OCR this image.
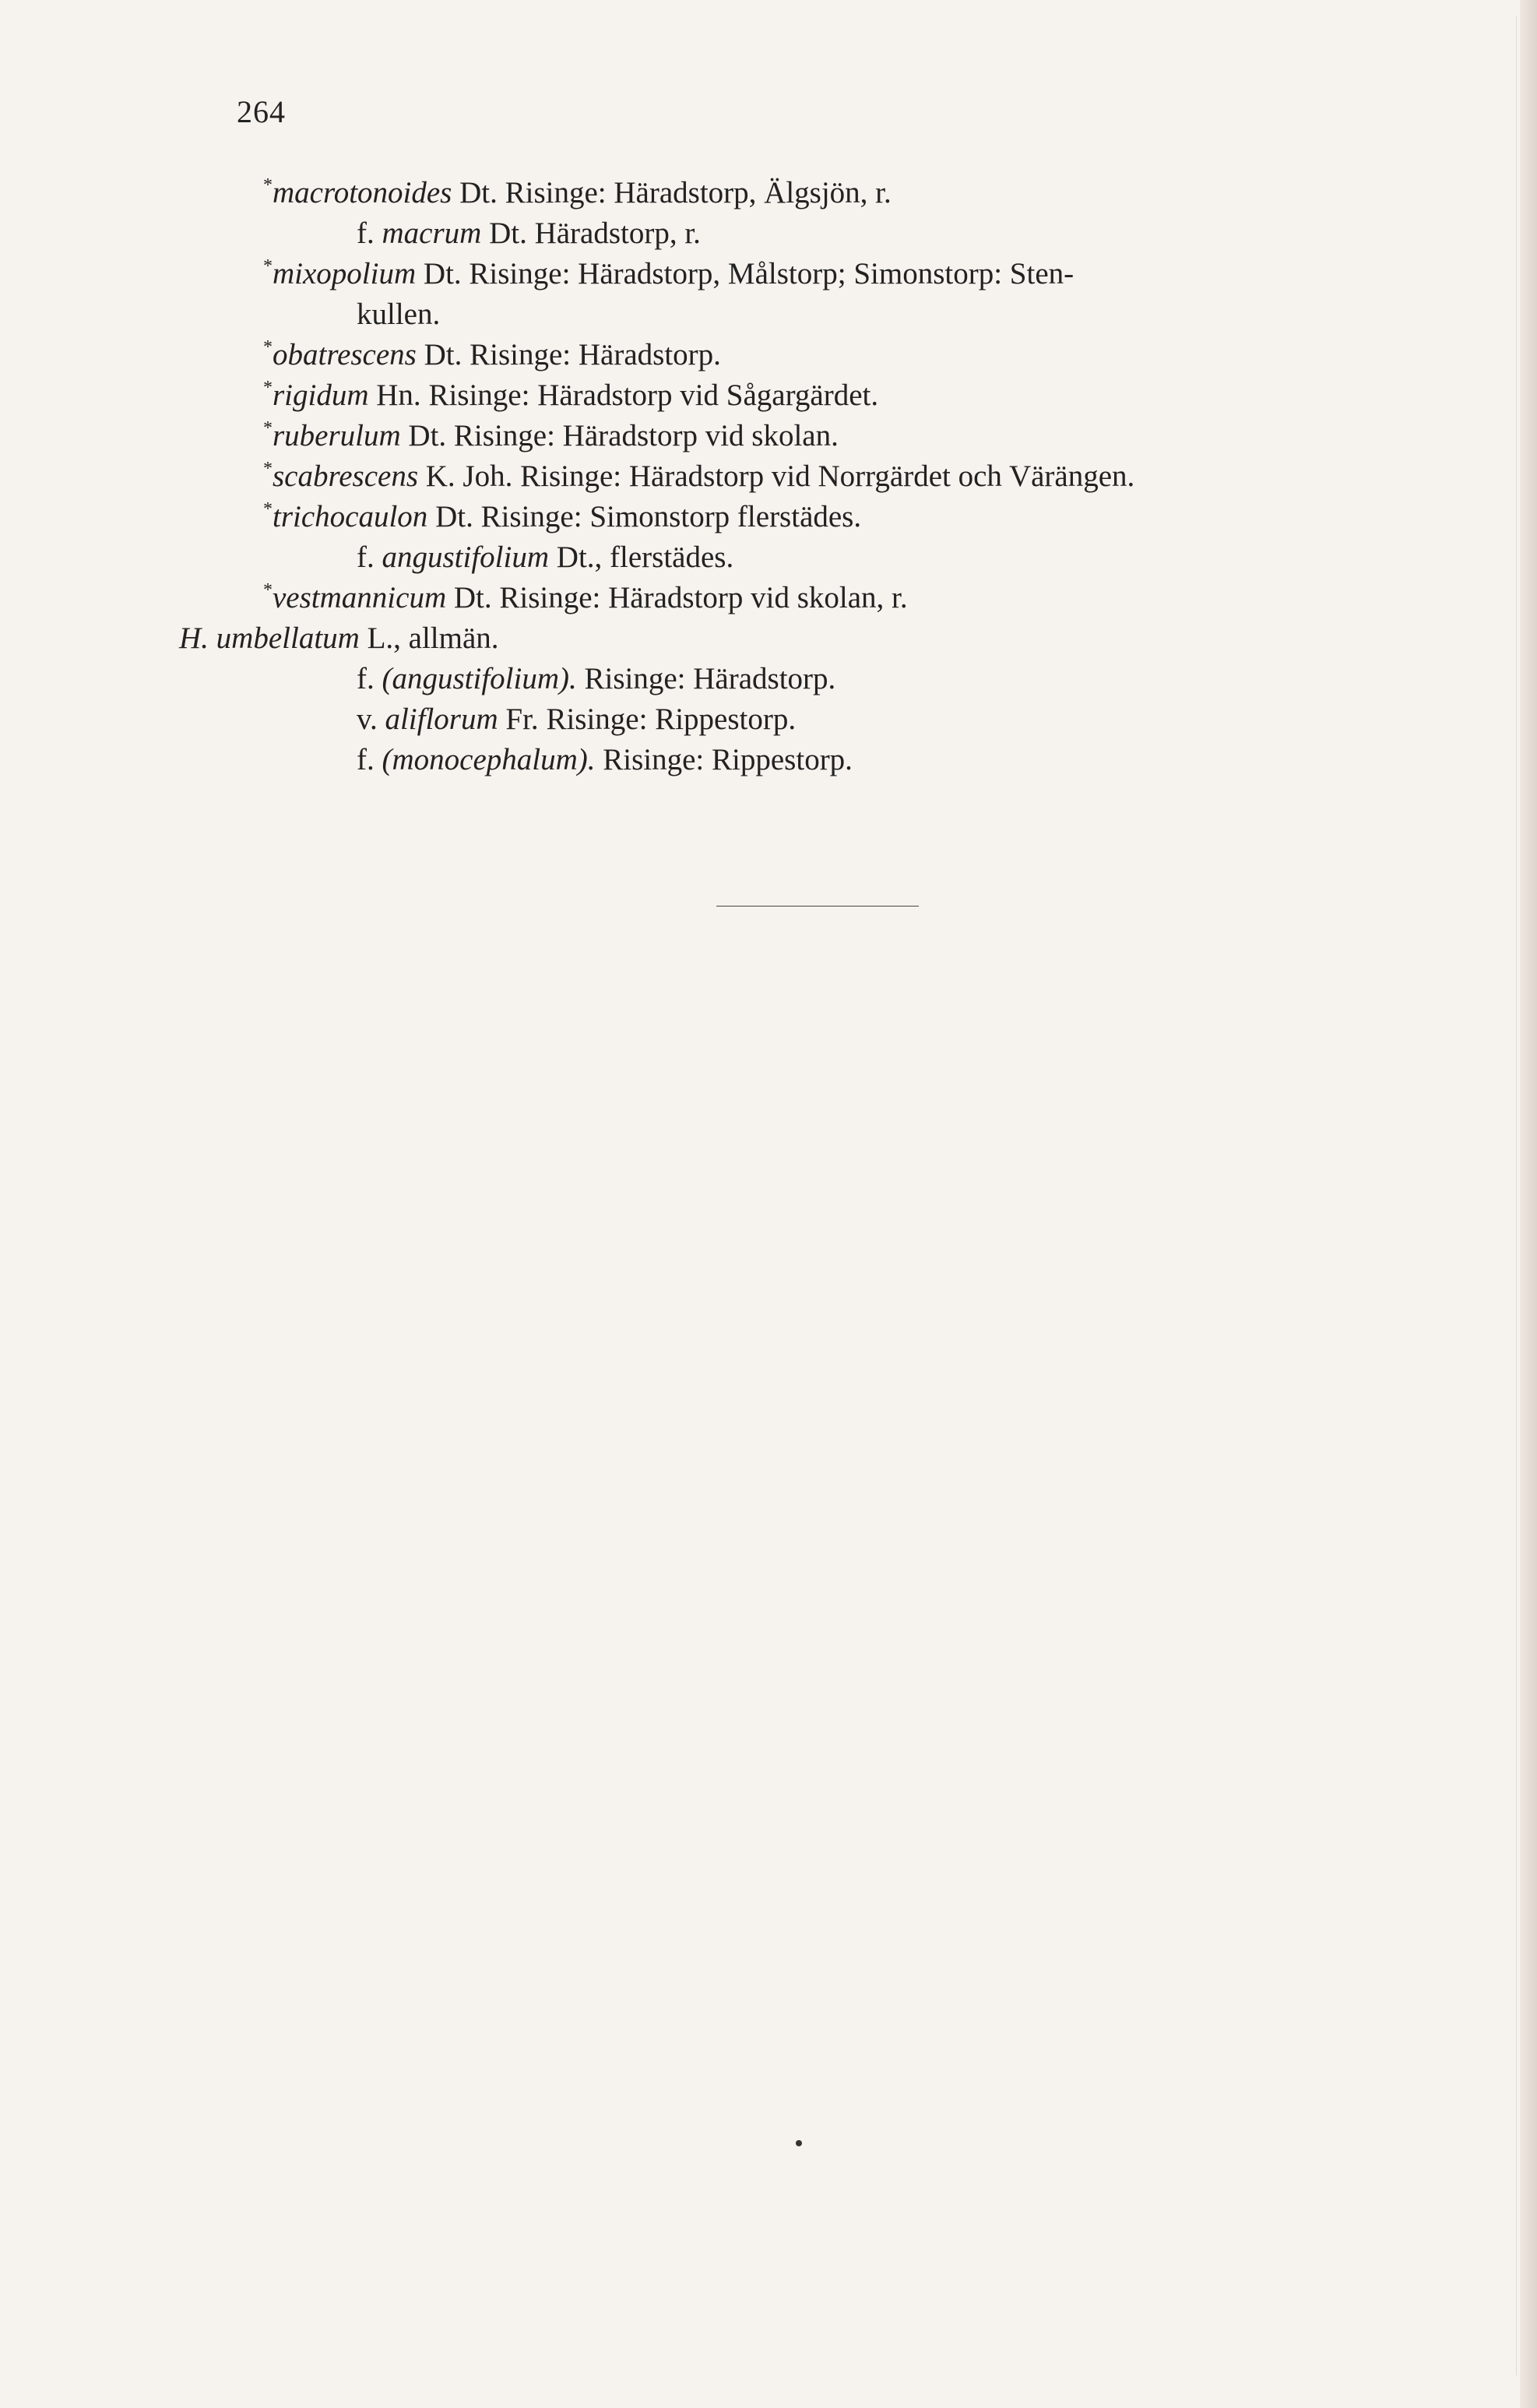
264
*macrotonoides Dt. Risinge: Häradstorp, Älgsjön, r.
f. macrum Dt. Häradstorp, r.
*mixopolium Dt. Risinge: Häradstorp, Målstorp; Simonstorp: Sten-
kullen.
*obatrescens Dt. Risinge: Häradstorp.
*rigidum Hn. Risinge: Häradstorp vid Sågargärdet.
*ruberulum Dt. Risinge: Häradstorp vid skolan.
*scabrescens K. Joh. Risinge: Häradstorp vid Norrgärdet och Värängen.
*trichocaulon Dt. Risinge: Simonstorp flerstädes.
f. angustifolium Dt., flerstädes.
*vestmannicum Dt. Risinge: Häradstorp vid skolan, r.
H. umbellatum L., allmän.
f. (angustifolium). Risinge: Häradstorp.
v. aliflorum Fr. Risinge: Rippestorp.
f. (monocephalum). Risinge: Rippestorp.
